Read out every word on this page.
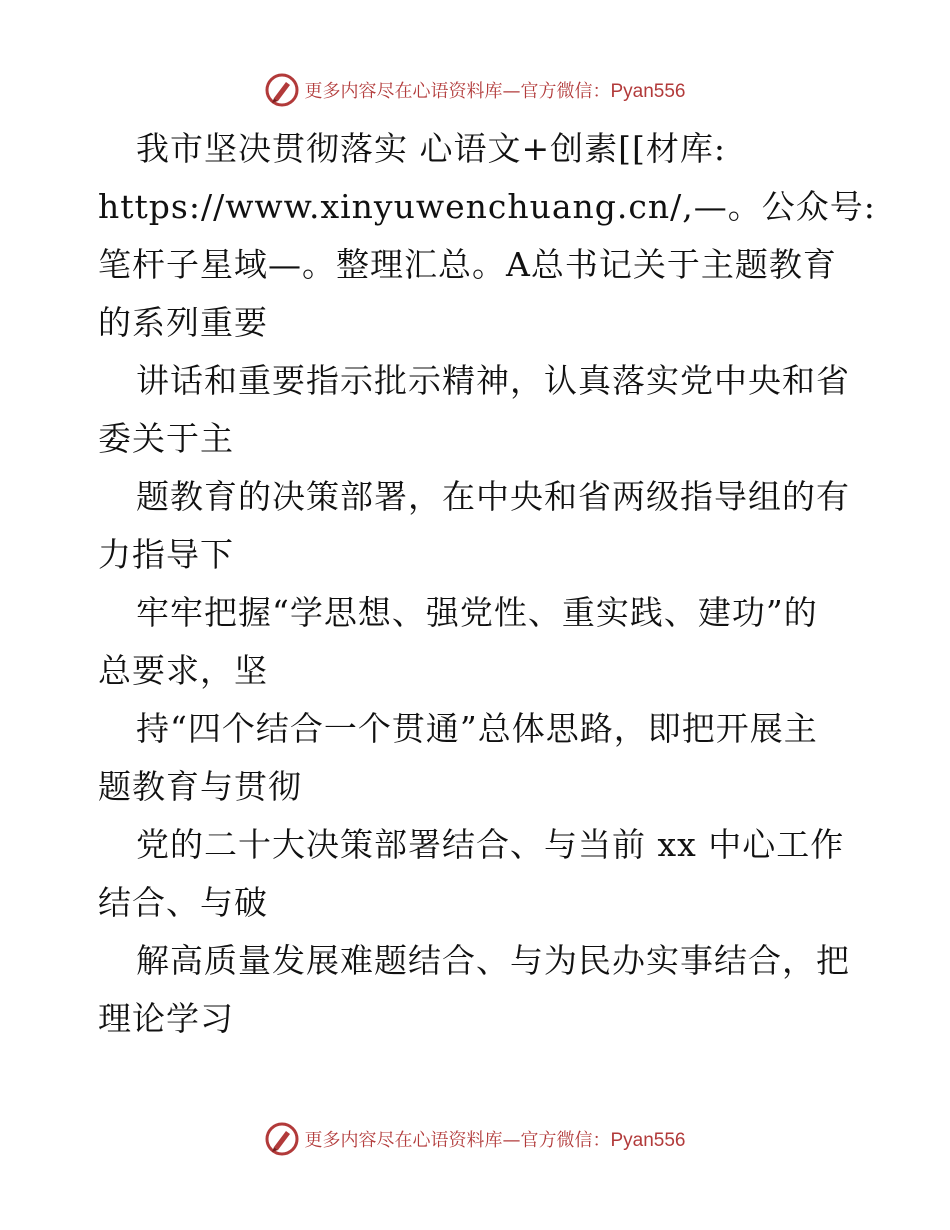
更多内容尽在心语资料库—官方微信：Pyan556
我市坚决贯彻落实 心语文+创素[[材库:
https://www.xinyuwenchuang.cn/,—。公众号:
笔杆子星域—。整理汇总。A总书记关于主题教育
的系列重要
讲话和重要指示批示精神，认真落实党中央和省
委关于主
题教育的决策部署，在中央和省两级指导组的有
力指导下
牢牢把握“学思想、强党性、重实践、建功”的
总要求，坚
持“四个结合一个贯通”总体思路，即把开展主
题教育与贯彻
党的二十大决策部署结合、与当前 xx 中心工作
结合、与破
解高质量发展难题结合、与为民办实事结合，把
理论学习
更多内容尽在心语资料库—官方微信：Pyan556
